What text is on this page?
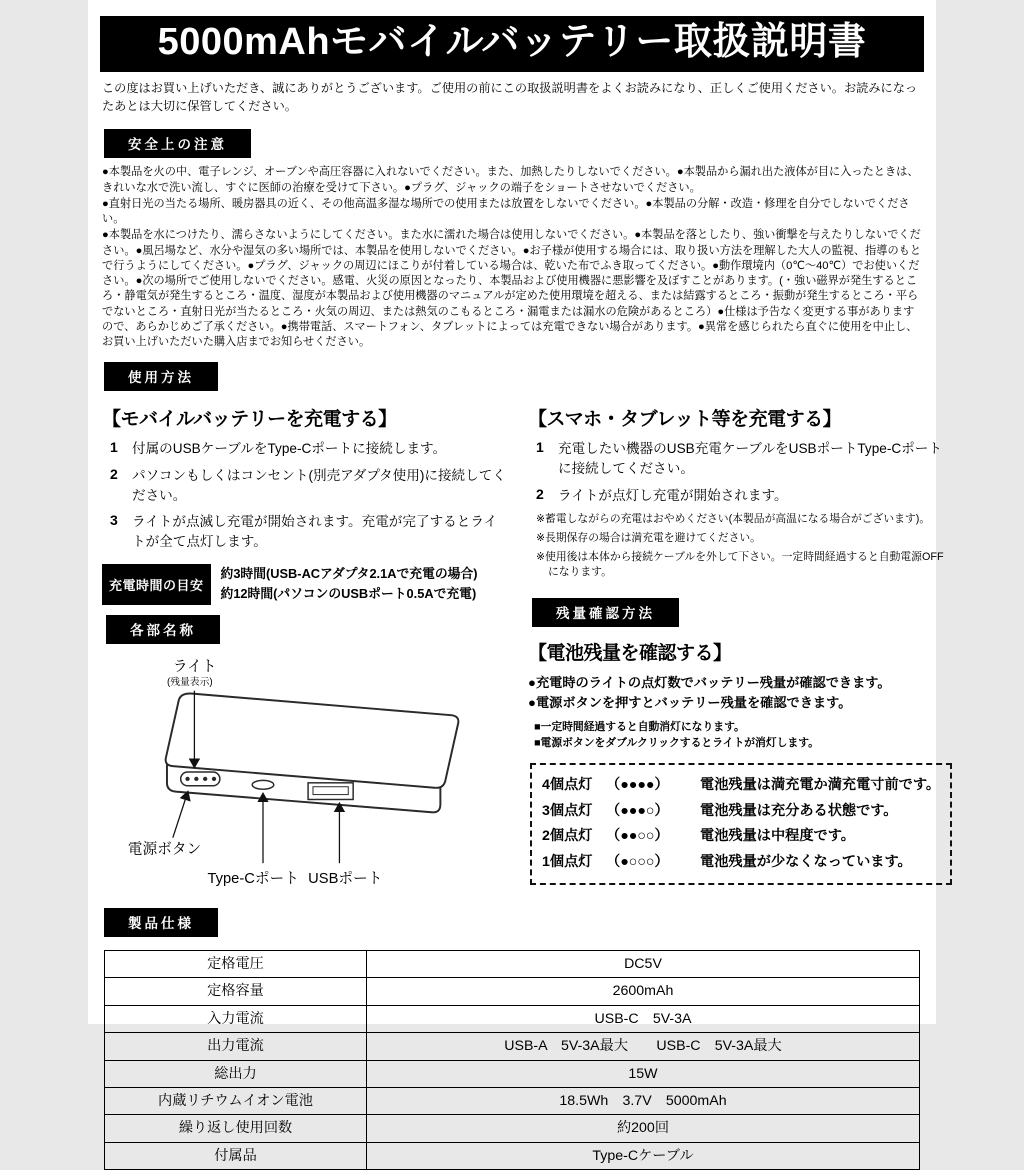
5000mAhモバイルバッテリー取扱説明書

この度はお買い上げいただき、誠にありがとうございます。ご使用の前にこの取扱説明書をよくお読みになり、正しくご使用ください。お読みになったあとは大切に保管してください。

安全上の注意

●本製品を火の中、電子レンジ、オーブンや高圧容器に入れないでください。また、加熱したりしないでください。●本製品から漏れ出た液体が目に入ったときは、きれいな水で洗い流し、すぐに医師の治療を受けて下さい。●プラグ、ジャックの端子をショートさせないでください。

●直射日光の当たる場所、暖房器具の近く、その他高温多湿な場所での使用または放置をしないでください。●本製品の分解・改造・修理を自分でしないでください。

●本製品を水につけたり、濡らさないようにしてください。また水に濡れた場合は使用しないでください。●本製品を落としたり、強い衝撃を与えたりしないでください。●風呂場など、水分や湿気の多い場所では、本製品を使用しないでください。●お子様が使用する場合には、取り扱い方法を理解した大人の監視、指導のもとで行うようにしてください。●プラグ、ジャックの周辺にほこりが付着している場合は、乾いた布でふき取ってください。●動作環境内（0℃〜40℃）でお使いください。●次の場所でご使用しないでください。感電、火災の原因となったり、本製品および使用機器に悪影響を及ぼすことがあります。(・強い磁界が発生するところ・静電気が発生するところ・温度、湿度が本製品および使用機器のマニュアルが定めた使用環境を超える、または結露するところ・振動が発生するところ・平らでないところ・直射日光が当たるところ・火気の周辺、または熱気のこもるところ・漏電または漏水の危険があるところ）●仕様は予告なく変更する事がありますので、あらかじめご了承ください。●携帯電話、スマートフォン、タブレットによっては充電できない場合があります。●異常を感じられたら直ぐに使用を中止し、お買い上げいただいた購入店までお知らせください。

使用方法
【モバイルバッテリーを充電する】
1	付属のUSBケーブルをType-Cポートに接続します。
2	パソコンもしくはコンセント(別売アダプタ使用)に接続してください。
3	ライトが点滅し充電が開始されます。充電が完了するとライトが全て点灯します。
充電時間の目安
約3時間(USB-ACアダプタ2.1Aで充電の場合)
約12時間(パソコンのUSBポート0.5Aで充電)
各部名称
ライト
(残量表示)
電源ボタン
Type-Cポート USBポート
【スマホ・タブレット等を充電する】
1	充電したい機器のUSB充電ケーブルをUSBポートType-Cポートに接続してください。
2	ライトが点灯し充電が開始されます。

※蓄電しながらの充電はおやめください(本製品が高温になる場合がございます)。

※長期保存の場合は満充電を避けてください。

※使用後は本体から接続ケーブルを外して下さい。一定時間経過すると自動電源OFFになります。

残量確認方法
【電池残量を確認する】

●充電時のライトの点灯数でバッテリー残量が確認できます。

●電源ボタンを押すとバッテリー残量を確認できます。

■一定時間経過すると自動消灯になります。

■電源ボタンをダブルクリックするとライトが消灯します。

4個点灯 （●●●●）	電池残量は満充電か満充電寸前です。
3個点灯 （●●●○）	電池残量は充分ある状態です。
2個点灯 （●●○○）	電池残量は中程度です。
1個点灯 （●○○○）	電池残量が少なくなっています。
製品仕様
定格電圧	DC5V
定格容量	2600mAh
入力電流	USB-C　5V-3A
出力電流	USB-A　5V-3A最大　　USB-C　5V-3A最大
総出力	15W
内蔵リチウムイオン電池	18.5Wh　3.7V　5000mAh
繰り返し使用回数	約200回
付属品	Type-Cケーブル
